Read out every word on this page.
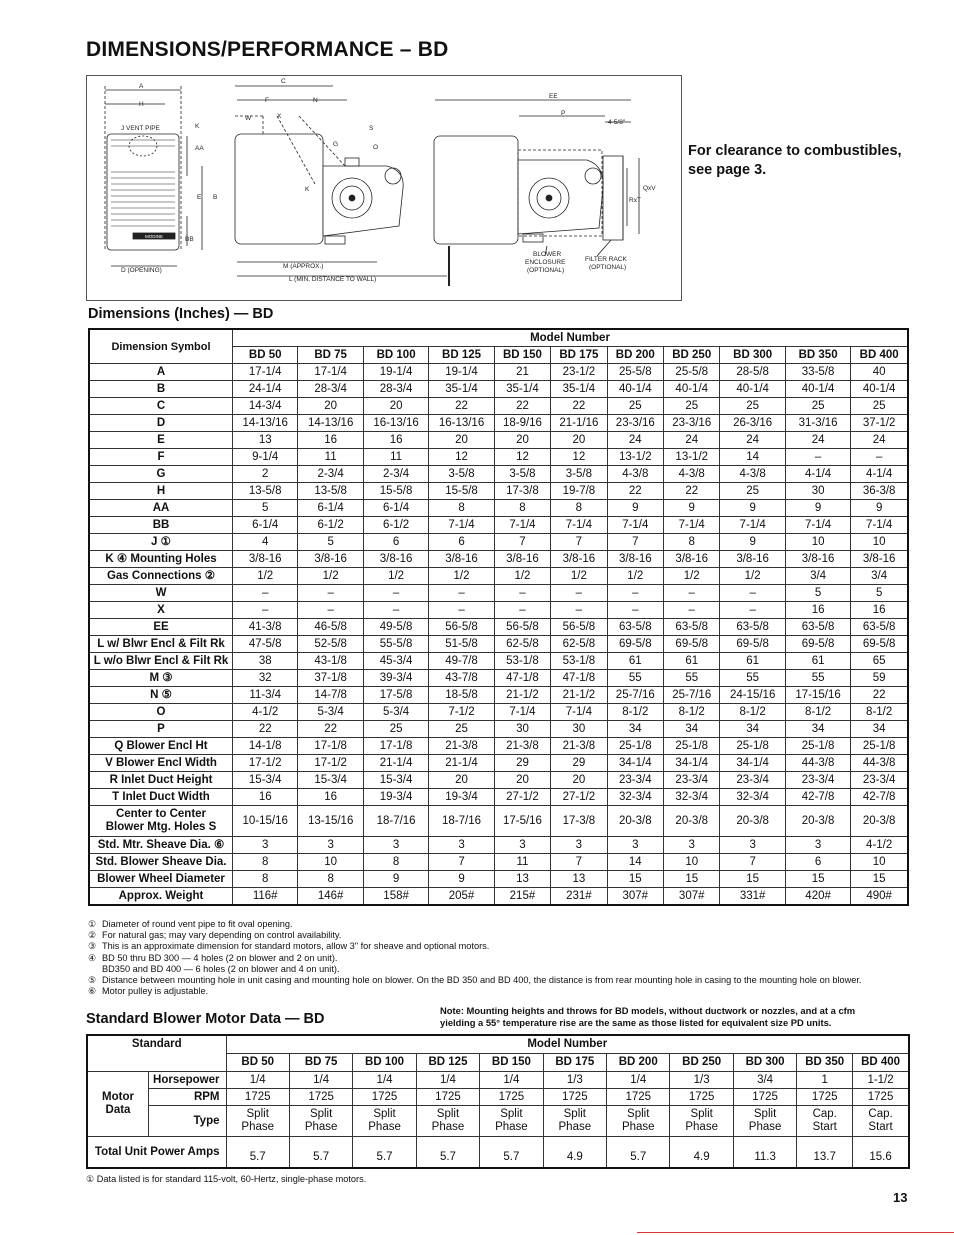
DIMENSIONS/PERFORMANCE – BD
MODINE
A
H
J VENT PIPE	K
AA
E B
BB
D (OPENING)
C
F	N
W	X
S
G	O
K
M (APPROX.)
L (MIN. DISTANCE TO WALL)
EE
P
4-5/8"
QxV
RxT
BLOWER
ENCLOSURE
(OPTIONAL)
FILTER RACK
(OPTIONAL)
For clearance to combustibles,
see page 3.
Dimensions (Inches) — BD
Dimension Symbol	Model Number										
	BD 50	BD 75	BD 100	BD 125	BD 150	BD 175	BD 200	BD 250	BD 300	BD 350	BD 400
A	17-1/4	17-1/4	19-1/4	19-1/4	21	23-1/2	25-5/8	25-5/8	28-5/8	33-5/8	40
B	24-1/4	28-3/4	28-3/4	35-1/4	35-1/4	35-1/4	40-1/4	40-1/4	40-1/4	40-1/4	40-1/4
C	14-3/4	20	20	22	22	22	25	25	25	25	25
D	14-13/16	14-13/16	16-13/16	16-13/16	18-9/16	21-1/16	23-3/16	23-3/16	26-3/16	31-3/16	37-1/2
E	13	16	16	20	20	20	24	24	24	24	24
F	9-1/4	11	11	12	12	12	13-1/2	13-1/2	14	–	–
G	2	2-3/4	2-3/4	3-5/8	3-5/8	3-5/8	4-3/8	4-3/8	4-3/8	4-1/4	4-1/4
H	13-5/8	13-5/8	15-5/8	15-5/8	17-3/8	19-7/8	22	22	25	30	36-3/8
AA	5	6-1/4	6-1/4	8	8	8	9	9	9	9	9
BB	6-1/4	6-1/2	6-1/2	7-1/4	7-1/4	7-1/4	7-1/4	7-1/4	7-1/4	7-1/4	7-1/4
J ①	4	5	6	6	7	7	7	8	9	10	10
K ④ Mounting Holes	3/8-16	3/8-16	3/8-16	3/8-16	3/8-16	3/8-16	3/8-16	3/8-16	3/8-16	3/8-16	3/8-16
Gas Connections ②	1/2	1/2	1/2	1/2	1/2	1/2	1/2	1/2	1/2	3/4	3/4
W	–	–	–	–	–	–	–	–	–	5	5
X	–	–	–	–	–	–	–	–	–	16	16
EE	41-3/8	46-5/8	49-5/8	56-5/8	56-5/8	56-5/8	63-5/8	63-5/8	63-5/8	63-5/8	63-5/8
L w/ Blwr Encl & Filt Rk	47-5/8	52-5/8	55-5/8	51-5/8	62-5/8	62-5/8	69-5/8	69-5/8	69-5/8	69-5/8	69-5/8
L w/o Blwr Encl & Filt Rk	38	43-1/8	45-3/4	49-7/8	53-1/8	53-1/8	61	61	61	61	65
M ③	32	37-1/8	39-3/4	43-7/8	47-1/8	47-1/8	55	55	55	55	59
N ⑤	11-3/4	14-7/8	17-5/8	18-5/8	21-1/2	21-1/2	25-7/16	25-7/16	24-15/16	17-15/16	22
O	4-1/2	5-3/4	5-3/4	7-1/2	7-1/4	7-1/4	8-1/2	8-1/2	8-1/2	8-1/2	8-1/2
P	22	22	25	25	30	30	34	34	34	34	34
Q Blower Encl Ht	14-1/8	17-1/8	17-1/8	21-3/8	21-3/8	21-3/8	25-1/8	25-1/8	25-1/8	25-1/8	25-1/8
V Blower Encl Width	17-1/2	17-1/2	21-1/4	21-1/4	29	29	34-1/4	34-1/4	34-1/4	44-3/8	44-3/8
R Inlet Duct Height	15-3/4	15-3/4	15-3/4	20	20	20	23-3/4	23-3/4	23-3/4	23-3/4	23-3/4
T Inlet Duct Width	16	16	19-3/4	19-3/4	27-1/2	27-1/2	32-3/4	32-3/4	32-3/4	42-7/8	42-7/8
Center to Center Blower Mtg. Holes S	10-15/16	13-15/16	18-7/16	18-7/16	17-5/16	17-3/8	20-3/8	20-3/8	20-3/8	20-3/8	20-3/8
Std. Mtr. Sheave Dia. ⑥	3	3	3	3	3	3	3	3	3	3	4-1/2
Std. Blower Sheave Dia.	8	10	8	7	11	7	14	10	7	6	10
Blower Wheel Diameter	8	8	9	9	13	13	15	15	15	15	15
Approx. Weight	116#	146#	158#	205#	215#	231#	307#	307#	331#	420#	490#
① Diameter of round vent pipe to fit oval opening.
② For natural gas; may vary depending on control availability.
③ This is an approximate dimension for standard motors, allow 3" for sheave and optional motors.
④ BD 50 thru BD 300 — 4 holes (2 on blower and 2 on unit).
BD350 and BD 400 — 6 holes (2 on blower and 4 on unit).
⑤ Distance between mounting hole in unit casing and mounting hole on blower. On the BD 350 and BD 400, the distance is from rear mounting hole in casing to the mounting hole on blower.
⑥ Motor pulley is adjustable.
Note: Mounting heights and throws for BD models, without ductwork or nozzles, and at a cfm
yielding a 55° temperature rise are the same as those listed for equivalent size PD units.
Standard Blower Motor Data — BD
Standard		Model Number										
		BD 50	BD 75	BD 100	BD 125	BD 150	BD 175	BD 200	BD 250	BD 300	BD 350	BD 400
Motor Data	Horsepower	1/4	1/4	1/4	1/4	1/4	1/3	1/4	1/3	3/4	1	1-1/2
	RPM	1725	1725	1725	1725	1725	1725	1725	1725	1725	1725	1725
	Type	Split Phase	Split Phase	Split Phase	Split Phase	Split Phase	Split Phase	Split Phase	Split Phase	Split Phase	Cap. Start	Cap. Start
Total Unit Power Amps		5.7	5.7	5.7	5.7	5.7	4.9	5.7	4.9	11.3	13.7	15.6
① Data listed is for standard 115-volt, 60-Hertz, single-phase motors.
13
